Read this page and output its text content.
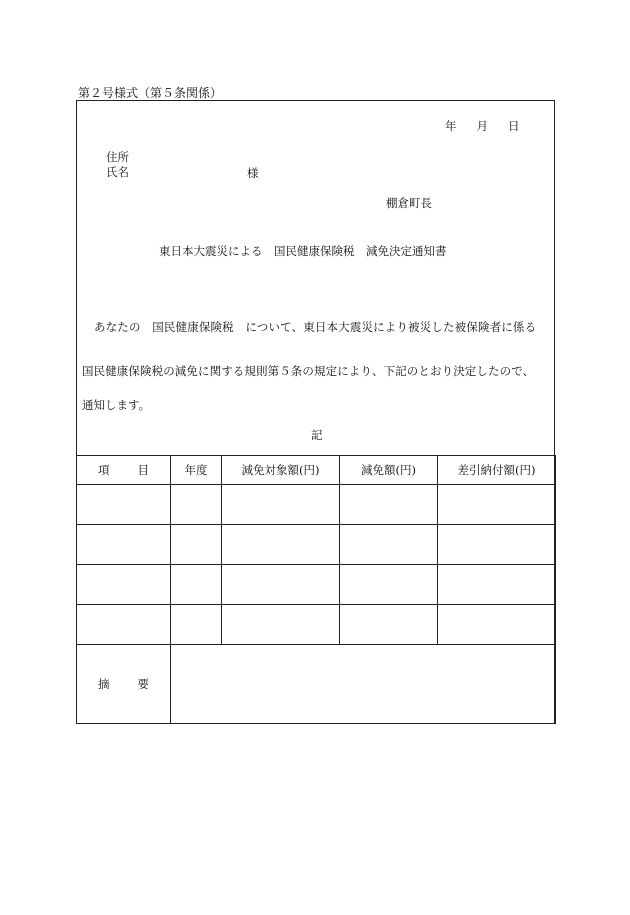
第２号様式（第５条関係）
年 月 日
住所
氏名	様
棚倉町長
東日本大震災による　国民健康保険税　減免決定通知書
あなたの　国民健康保険税　について、東日本大震災により被災した被保険者に係る
国民健康保険税の減免に関する規則第５条の規定により、下記のとおり決定したので、
通知します。
記
項 目	年度	減免対象額(円)	減免額(円)	差引納付額(円)

摘 要				
